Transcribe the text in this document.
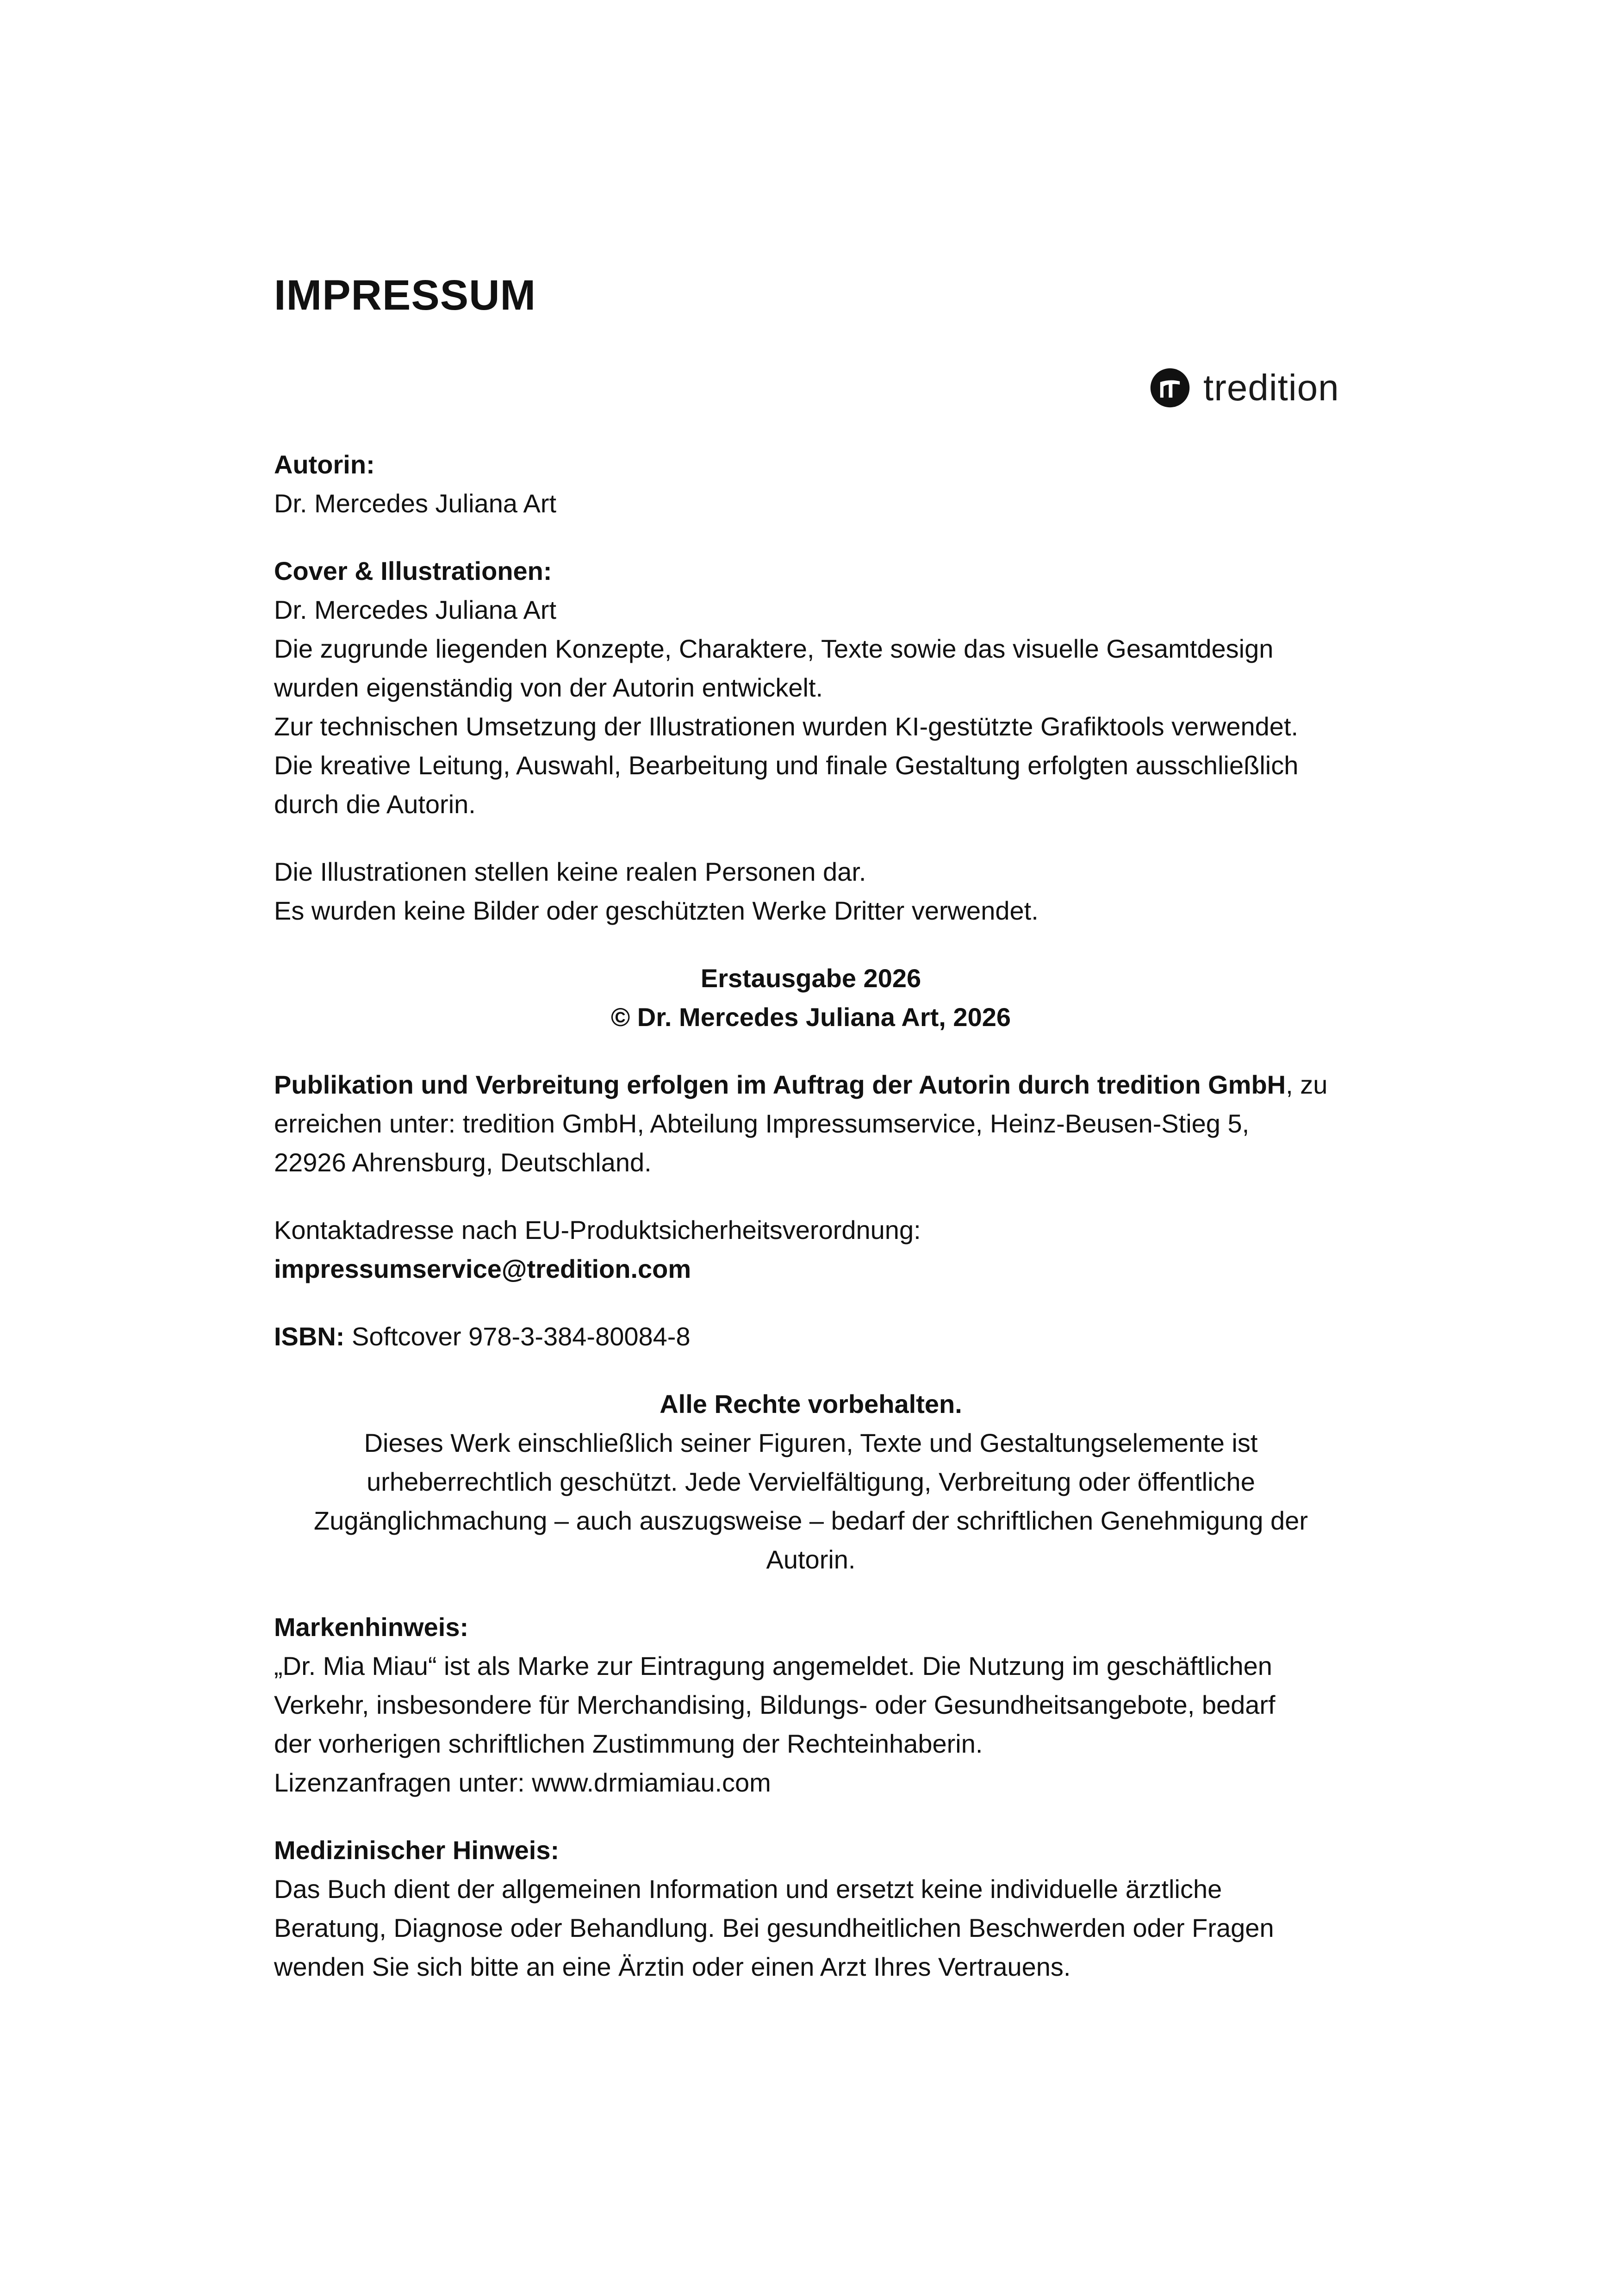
IMPRESSUM
tredition

Autorin:

Dr. Mercedes Juliana Art

Cover & Illustrationen:

Dr. Mercedes Juliana Art

Die zugrunde liegenden Konzepte, Charaktere, Texte sowie das visuelle Gesamtdesign

wurden eigenständig von der Autorin entwickelt.

Zur technischen Umsetzung der Illustrationen wurden KI-gestützte Grafiktools verwendet.

Die kreative Leitung, Auswahl, Bearbeitung und finale Gestaltung erfolgten ausschließlich

durch die Autorin.

Die Illustrationen stellen keine realen Personen dar.

Es wurden keine Bilder oder geschützten Werke Dritter verwendet.

Erstausgabe 2026

© Dr. Mercedes Juliana Art, 2026

Publikation und Verbreitung erfolgen im Auftrag der Autorin durch tredition GmbH, zu

erreichen unter: tredition GmbH, Abteilung Impressumservice, Heinz-Beusen-Stieg 5,

22926 Ahrensburg, Deutschland.

Kontaktadresse nach EU-Produktsicherheitsverordnung:

impressumservice@tredition.com

ISBN: Softcover 978-3-384-80084-8

Alle Rechte vorbehalten.

Dieses Werk einschließlich seiner Figuren, Texte und Gestaltungselemente ist

urheberrechtlich geschützt. Jede Vervielfältigung, Verbreitung oder öffentliche

Zugänglichmachung – auch auszugsweise – bedarf der schriftlichen Genehmigung der

Autorin.

Markenhinweis:

„Dr. Mia Miau“ ist als Marke zur Eintragung angemeldet. Die Nutzung im geschäftlichen

Verkehr, insbesondere für Merchandising, Bildungs- oder Gesundheitsangebote, bedarf

der vorherigen schriftlichen Zustimmung der Rechteinhaberin.

Lizenzanfragen unter: www.drmiamiau.com

Medizinischer Hinweis:

Das Buch dient der allgemeinen Information und ersetzt keine individuelle ärztliche

Beratung, Diagnose oder Behandlung. Bei gesundheitlichen Beschwerden oder Fragen

wenden Sie sich bitte an eine Ärztin oder einen Arzt Ihres Vertrauens.
